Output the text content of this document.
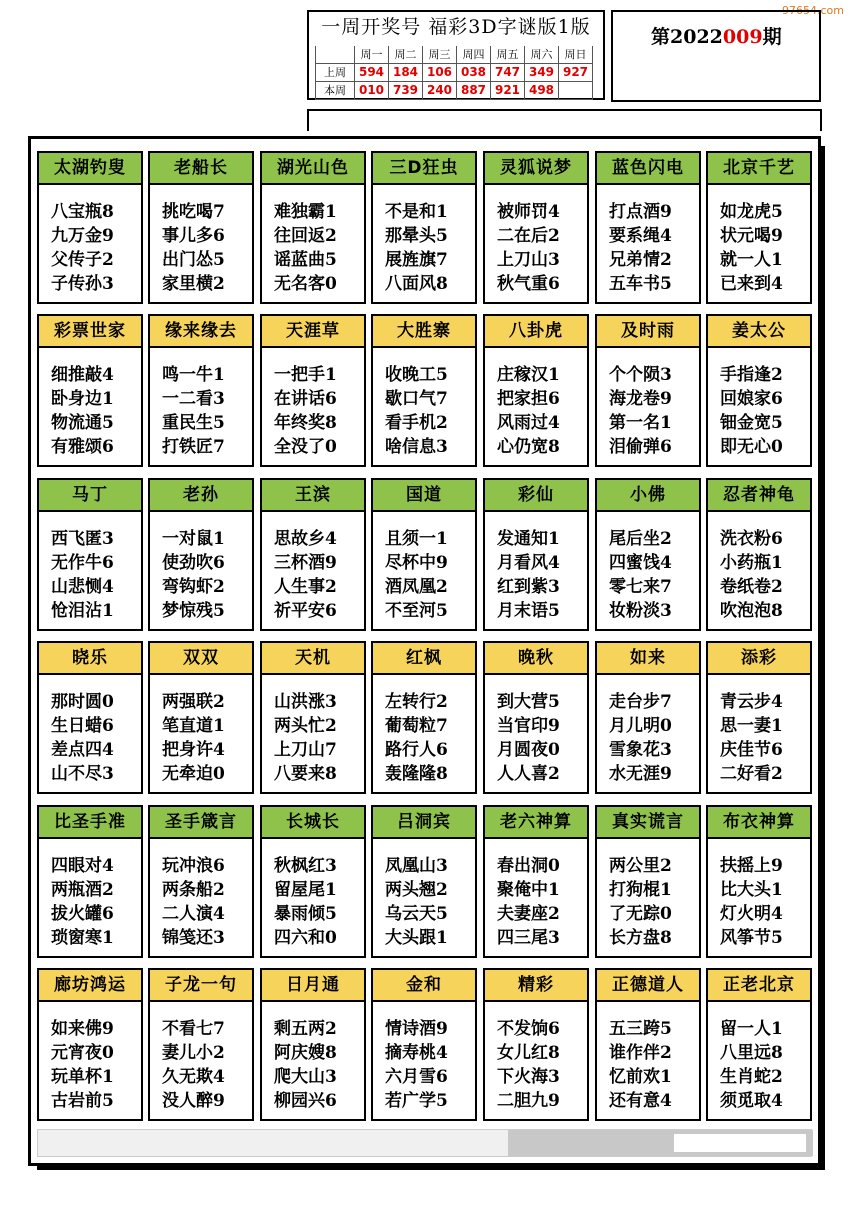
97654.com
一周开奖号 福彩3D字谜版1版
	周一	周二	周三	周四	周五	周六	周日
上周	594	184	106	038	747	349	927
本周	010	739	240	887	921	498	
第2022009期
太湖钓叟
八宝瓶8
九万金9
父传子2
子传孙3
老船长
挑吃喝7
事儿多6
出门怂5
家里横2
湖光山色
难独霸1
往回返2
谣蓝曲5
无名客0
三D狂虫
不是和1
那晕头5
展旌旗7
八面风8
灵狐说梦
被师罚4
二在后2
上刀山3
秋气重6
蓝色闪电
打点酒9
要系绳4
兄弟情2
五车书5
北京千艺
如龙虎5
状元喝9
就一人1
已来到4
彩票世家
细推敲4
卧身边1
物流通5
有雅颂6
缘来缘去
鸣一牛1
一二看3
重民生5
打铁匠7
天涯草
一把手1
在讲话6
年终奖8
全没了0
大胜寨
收晚工5
歇口气7
看手机2
啥信息3
八卦虎
庄稼汉1
把家担6
风雨过4
心仍宽8
及时雨
个个陨3
海龙卷9
第一名1
泪偷弹6
姜太公
手指逢2
回娘家6
钿金宽5
即无心0
马丁
西飞匿3
无作牛6
山悲恻4
怆泪沾1
老孙
一对鼠1
使劲吹6
弯钩虾2
梦惊残5
王滨
思故乡4
三杯酒9
人生事2
祈平安6
国道
且须一1
尽杯中9
酒凤凰2
不至河5
彩仙
发通知1
月看风4
红到紫3
月末语5
小佛
尾后坐2
四蜜饯4
零七来7
妆粉淡3
忍者神龟
洗衣粉6
小药瓶1
卷纸卷2
吹泡泡8
晓乐
那时圆0
生日蜡6
差点四4
山不尽3
双双
两强联2
笔直道1
把身许4
无牵迫0
天机
山洪涨3
两头忙2
上刀山7
八要来8
红枫
左转行2
葡萄粒7
路行人6
轰隆隆8
晚秋
到大营5
当官印9
月圆夜0
人人喜2
如来
走台步7
月儿明0
雪象花3
水无涯9
添彩
青云步4
思一妻1
庆佳节6
二好看2
比圣手准
四眼对4
两瓶酒2
拔火罐6
琐窗寒1
圣手箴言
玩冲浪6
两条船2
二人演4
锦笺还3
长城长
秋枫红3
留屋尾1
暴雨倾5
四六和0
吕洞宾
凤凰山3
两头翘2
乌云天5
大头跟1
老六神算
春出洞0
聚俺中1
夫妻座2
四三尾3
真实谎言
两公里2
打狗棍1
了无踪0
长方盘8
布衣神算
扶摇上9
比大头1
灯火明4
风筝节5
廊坊鸿运
如来佛9
元宵夜0
玩单杯1
古岩前5
子龙一句
不看七7
妻儿小2
久无欺4
没人醉9
日月通
剩五两2
阿庆嫂8
爬大山3
柳园兴6
金和
情诗酒9
摘寿桃4
六月雪6
若广学5
精彩
不发饷6
女儿红8
下火海3
二胆九9
正德道人
五三跨5
谁作伴2
忆前欢1
还有意4
正老北京
留一人1
八里远8
生肖蛇2
须觅取4
